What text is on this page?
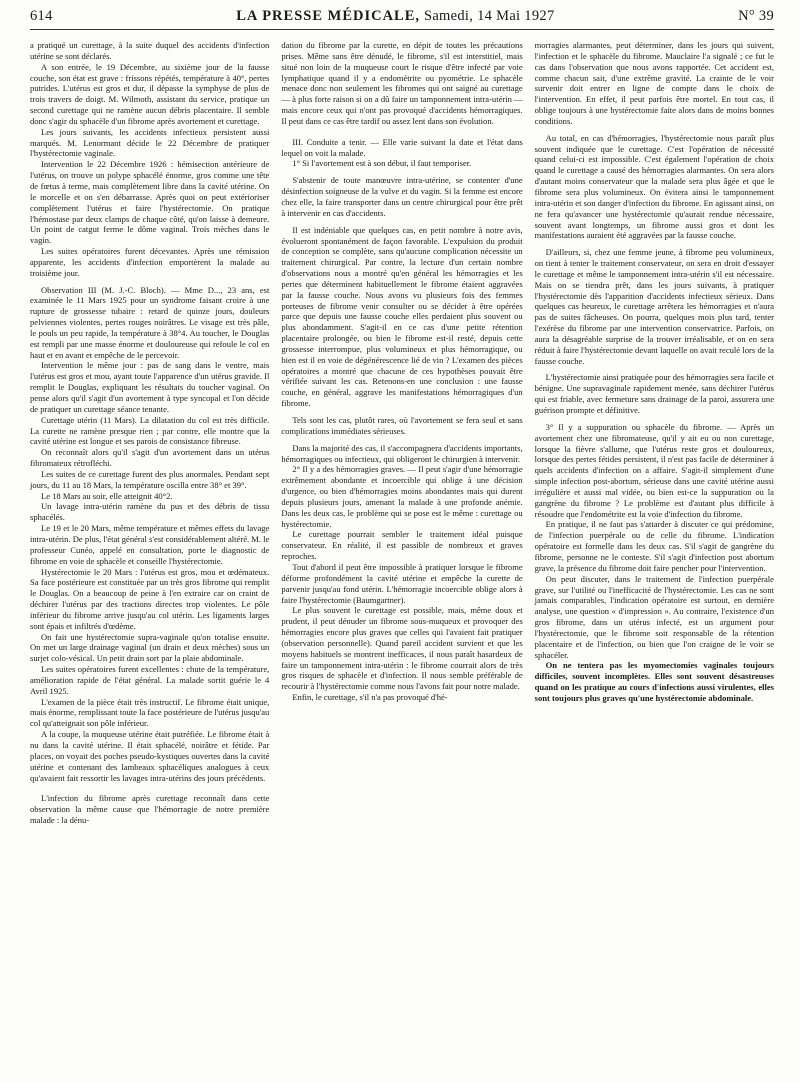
614	LA PRESSE MÉDICALE, Samedi, 14 Mai 1927	N° 39

a pratiqué un curettage, à la suite duquel des accidents d'infection utérine se sont déclarés.

A son entrée, le 19 Décembre, au sixième jour de la fausse couche, son état est grave : frissons répétés, température à 40°, pertes putrides. L'utérus est gros et dur, il dépasse la symphyse de plus de trois travers de doigt. M. Wilmoth, assistant du service, pratique un second curettage qui ne ramène aucun débris placentaire. Il semble donc s'agir du sphacèle d'un fibrome après avortement et curettage.

Les jours suivants, les accidents infectieux persistent aussi marqués. M. Lenormant décide le 22 Décembre de pratiquer l'hystérectomie vaginale.

Intervention le 22 Décembre 1926 : hémisection antérieure de l'utérus, on trouve un polype sphacélé énorme, gros comme une tête de fœtus à terme, mais complètement libre dans la cavité utérine. On le morcelle et on s'en débarrasse. Après quoi on peut extérioriser complètement l'utérus et faire l'hystérectomie. On pratique l'hémostase par deux clamps de chaque côté, qu'on laisse à demeure. Un point de catgut ferme le dôme vaginal. Trois mèches dans le vagin.

Les suites opératoires furent décevantes. Après une rémission apparente, les accidents d'infection emportèrent la malade au troisième jour.

Observation III (M. J.-C. Bloch). — Mme D..., 23 ans, est examinée le 11 Mars 1925 pour un syndrome faisant croire à une rupture de grossesse tubaire : retard de quinze jours, douleurs pelviennes violentes, pertes rouges noirâtres. Le visage est très pâle, le pouls un peu rapide, la température à 38°4. Au toucher, le Douglas est rempli par une masse énorme et douloureuse qui refoule le col en haut et en avant et empêche de le percevoir.

Intervention le même jour : pas de sang dans le ventre, mais l'utérus est gros et mou, ayant toute l'apparence d'un utérus gravide. Il remplit le Douglas, expliquant les résultats du toucher vaginal. On pense alors qu'il s'agit d'un avortement à type syncopal et l'on décide de pratiquer un curettage séance tenante.

Curettage utérin (11 Mars). La dilatation du col est très difficile. La curette ne ramène presque rien ; par contre, elle montre que la cavité utérine est longue et ses parois de consistance fibreuse.

On reconnaît alors qu'il s'agit d'un avortement dans un utérus fibromateux rétrofléchi.

Les suites de ce curettage furent des plus anormales. Pendant sept jours, du 11 au 18 Mars, la température oscilla entre 38° et 39°.

Le 18 Mars au soir, elle atteignit 40°2.

Un lavage intra-utérin ramène du pus et des débris de tissu sphacélés.

Le 19 et le 20 Mars, même température et mêmes effets du lavage intra-utérin. De plus, l'état général s'est considérablement altéré. M. le professeur Cunéo, appelé en consultation, porte le diagnostic de fibrome en voie de sphacèle et conseille l'hystérectomie.

Hystérectomie le 20 Mars : l'utérus est gros, mou et œdémateux. Sa face postérieure est constituée par un très gros fibrome qui remplit le Douglas. On a beaucoup de peine à l'en extraire car on craint de déchirer l'utérus par des tractions directes trop violentes. Le pôle inférieur du fibrome arrive jusqu'au col utérin. Les ligaments larges sont épais et infiltrés d'œdème.

On fait une hystérectomie supra-vaginale qu'on totalise ensuite. On met un large drainage vaginal (un drain et deux mèches) sous un surjet colo-vésical. Un petit drain sort par la plaie abdominale.

Les suites opératoires furent excellentes : chute de la température, amélioration rapide de l'état général. La malade sortit guérie le 4 Avril 1925.

L'examen de la pièce était très instructif. Le fibrome était unique, mais énorme, remplissant toute la face postérieure de l'utérus jusqu'au col qu'atteignait son pôle inférieur.

A la coupe, la muqueuse utérine était putréfiée. Le fibrome était à nu dans la cavité utérine. Il était sphacélé, noirâtre et fétide. Par places, on voyait des poches pseudo-kystiques ouvertes dans la cavité utérine et contenant des lambeaux sphacéliques analogues à ceux qu'avaient fait ressortir les lavages intra-utérins des jours précédents.

L'infection du fibrome après curettage reconnaît dans cette observation la même cause que l'hémorragie de notre première malade : la dénu-

dation du fibrome par la curette, en dépit de toutes les précautions prises. Même sans être dénudé, le fibrome, s'il est interstitiel, mais situé non loin de la muqueuse court le risque d'être infecté par voie lymphatique quand il y a endométrite ou pyométrie. Le sphacèle menace donc non seulement les fibromes qui ont saigné au curettage — à plus forte raison si on a dû faire un tamponnement intra-utérin — mais encore ceux qui n'ont pas provoqué d'accidents hémorragiques. Il peut dans ce cas être tardif ou assez lent dans son évolution.

III. Conduite a tenir. — Elle varie suivant la date et l'état dans lequel on voit la malade.

1° Si l'avortement est à son début, il faut temporiser.

S'abstenir de toute manœuvre intra-utérine, se contenter d'une désinfection soigneuse de la vulve et du vagin. Si la femme est encore chez elle, la faire transporter dans un centre chirurgical pour être prêt à intervenir en cas d'accidents.

Il est indéniable que quelques cas, en petit nombre à notre avis, évolueront spontanément de façon favorable. L'expulsion du produit de conception se complète, sans qu'aucune complication nécessite un traitement chirurgical. Par contre, la lecture d'un certain nombre d'observations nous a montré qu'en général les hémorragies et les pertes que déterminent habituellement le fibrome étaient aggravées par la fausse couche. Nous avons vu plusieurs fois des femmes porteuses de fibrome venir consulter ou se décider à être opérées parce que depuis une fausse couche elles perdaient plus souvent ou plus abondamment. S'agit-il en ce cas d'une petite rétention placentaire prolongée, ou bien le fibrome est-il resté, depuis cette grossesse interrompue, plus volumineux et plus hémorragique, ou bien est il en voie de dégénérescence lié de vin ? L'examen des pièces opératoires a montré que chacune de ces hypothèses pouvait être vérifiée suivant les cas. Retenons-en une conclusion : une fausse couche, en général, aggrave les manifestations hémorragiques d'un fibrome.

Tels sont les cas, plutôt rares, où l'avortement se fera seul et sans complications immédiates sérieuses.

Dans la majorité des cas, il s'accompagnera d'accidents importants, hémorragiques ou infectieux, qui obligeront le chirurgien à intervenir.

2° Il y a des hémorragies graves. — Il peut s'agir d'une hémorragie extrêmement abondante et incoercible qui oblige à une décision d'urgence, ou bien d'hémorragies moins abondantes mais qui durent depuis plusieurs jours, amenant la malade à une profonde anémie. Dans les deux cas, le problème qui se pose est le même : curettage ou hystérectomie.

Le curettage pourrait sembler le traitement idéal puisque conservateur. En réalité, il est passible de nombreux et graves reproches.

Tout d'abord il peut être impossible à pratiquer lorsque le fibrome déforme profondément la cavité utérine et empêche la curette de parvenir jusqu'au fond utérin. L'hémorragie incoercible oblige alors à faire l'hystérectomie (Baumgartner).

Le plus souvent le curettage est possible, mais, même doux et prudent, il peut dénuder un fibrome sous-muqueux et provoquer des hémorragies encore plus graves que celles qui l'avaient fait pratiquer (observation personnelle). Quand pareil accident survient et que les moyens habituels se montrent inefficaces, il nous paraît hasardeux de faire un tamponnement intra-utérin : le fibrome courrait alors de très gros risques de sphacèle et d'infection. Il nous semble préférable de recourir à l'hystérectomie comme nous l'avons fait pour notre malade.

Enfin, le curettage, s'il n'a pas provoqué d'hé-

morragies alarmantes, peut déterminer, dans les jours qui suivent, l'infection et le sphacèle du fibrome. Mauclaire l'a signalé ; ce fut le cas dans l'observation que nous avons rapportée. Cet accident est, comme chacun sait, d'une extrême gravité. La crainte de le voir survenir doit entrer en ligne de compte dans le choix de l'intervention. En effet, il peut parfois être mortel. En tout cas, il oblige toujours à une hystérectomie faite alors dans de moins bonnes conditions.

Au total, en cas d'hémorragies, l'hystérectomie nous paraît plus souvent indiquée que le curettage. C'est l'opération de nécessité quand celui-ci est impossible. C'est également l'opération de choix quand le curettage a causé des hémorragies alarmantes. On sera alors d'autant moins conservateur que la malade sera plus âgée et que le fibrome sera plus volumineux. On évitera ainsi le tamponnement intra-utérin et son danger d'infection du fibrome. En agissant ainsi, on ne fera qu'avancer une hystérectomie qu'aurait rendue nécessaire, souvent avant longtemps, un fibrome aussi gros et dont les manifestations auraient été aggravées par la fausse couche.

D'ailleurs, si, chez une femme jeune, à fibrome peu volumineux, on tient à tenter le traitement conservateur, on sera en droit d'essayer le curettage et même le tamponnement intra-utérin s'il est nécessaire. Mais on se tiendra prêt, dans les jours suivants, à pratiquer l'hystérectomie dès l'apparition d'accidents infectieux sérieux. Dans quelques cas heureux, le curettage arrêtera les hémorragies et n'aura pas de suites fâcheuses. On pourra, quelques mois plus tard, tenter l'exérèse du fibrome par une intervention conservatrice. Parfois, on aura la désagréable surprise de la trouver irréalisable, et on en sera réduit à faire l'hystérectomie devant laquelle on avait reculé lors de la fausse couche.

L'hystérectomie ainsi pratiquée pour des hémorragies sera facile et bénigne. Une supravaginale rapidement menée, sans déchirer l'utérus qui est friable, avec fermeture sans drainage de la paroi, assurera une guérison prompte et définitive.

3° Il y a suppuration ou sphacèle du fibrome. — Après un avortement chez une fibromateuse, qu'il y ait eu ou non curettage, lorsque la fièvre s'allume, que l'utérus reste gros et douloureux, lorsque des pertes fétides persistent, il n'est pas facile de déterminer à quels accidents d'infection on a affaire. S'agit-il simplement d'une simple infection post-abortum, sérieuse dans une cavité utérine aussi irrégulière et aussi mal vidée, ou bien est-ce la suppuration ou la gangrène du fibrome ? Le problème est d'autant plus difficile à résoudre que l'endométrite est la voie d'infection du fibrome.

En pratique, il ne faut pas s'attarder à discuter ce qui prédomine, de l'infection puerpérale ou de celle du fibrome. L'indication opératoire est formelle dans les deux cas. S'il s'agit de gangrène du fibrome, personne ne le conteste. S'il s'agit d'infection post abortum grave, la présence du fibrome doit faire pencher pour l'intervention.

On peut discuter, dans le traitement de l'infection puerpérale grave, sur l'utilité ou l'inefficacité de l'hystérectomie. Les cas ne sont jamais comparables, l'indication opératoire est surtout, en dernière analyse, une question « d'impression ». Au contraire, l'existence d'un gros fibrome, dans un utérus infecté, est un argument pour l'hystérectomie, que le fibrome soit responsable de la rétention placentaire et de l'infection, ou bien que l'on craigne de le voir se sphacéler.

On ne tentera pas les myomectomies vaginales toujours difficiles, souvent incomplètes. Elles sont souvent désastreuses quand on les pratique au cours d'infections aussi virulentes, elles sont toujours plus graves qu'une hystérectomie abdominale.
